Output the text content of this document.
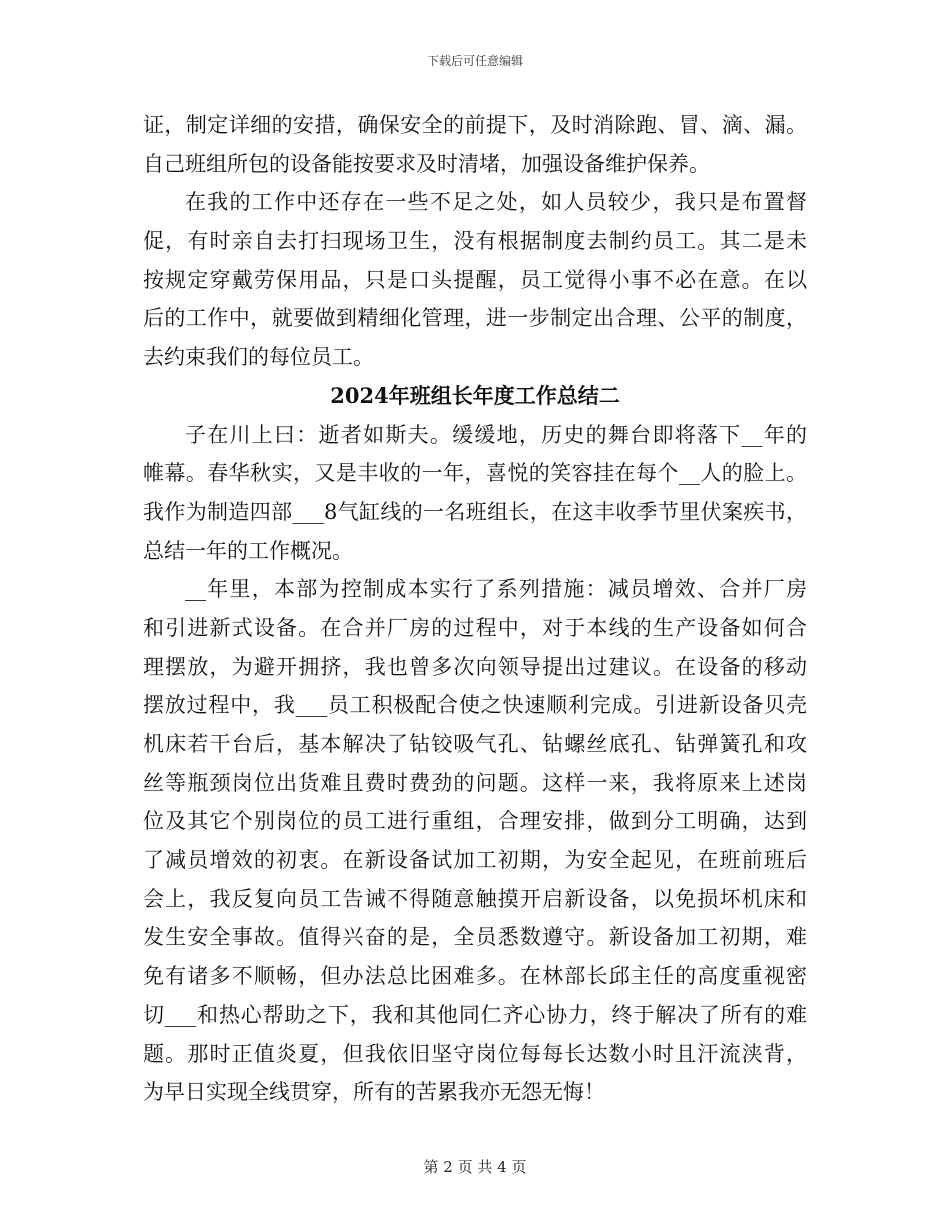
下载后可任意编辑
证，制定详细的安措，确保安全的前提下，及时消除跑、冒、滴、漏。
自己班组所包的设备能按要求及时清堵，加强设备维护保养。
在我的工作中还存在一些不足之处，如人员较少，我只是布置督
促，有时亲自去打扫现场卫生，没有根据制度去制约员工。其二是未
按规定穿戴劳保用品，只是口头提醒，员工觉得小事不必在意。在以
后的工作中，就要做到精细化管理，进一步制定出合理、公平的制度，
去约束我们的每位员工。
2024年班组长年度工作总结二
子在川上曰：逝者如斯夫。缓缓地，历史的舞台即将落下__年的
帷幕。春华秋实，又是丰收的一年，喜悦的笑容挂在每个__人的脸上。
我作为制造四部___8气缸线的一名班组长，在这丰收季节里伏案疾书，
总结一年的工作概况。
__年里，本部为控制成本实行了系列措施：减员增效、合并厂房
和引进新式设备。在合并厂房的过程中，对于本线的生产设备如何合
理摆放，为避开拥挤，我也曾多次向领导提出过建议。在设备的移动
摆放过程中，我___员工积极配合使之快速顺利完成。引进新设备贝壳
机床若干台后，基本解决了钻铰吸气孔、钻螺丝底孔、钻弹簧孔和攻
丝等瓶颈岗位出货难且费时费劲的问题。这样一来，我将原来上述岗
位及其它个别岗位的员工进行重组，合理安排，做到分工明确，达到
了减员增效的初衷。在新设备试加工初期，为安全起见，在班前班后
会上，我反复向员工告诫不得随意触摸开启新设备，以免损坏机床和
发生安全事故。值得兴奋的是，全员悉数遵守。新设备加工初期，难
免有诸多不顺畅，但办法总比困难多。在林部长邱主任的高度重视密
切___和热心帮助之下，我和其他同仁齐心协力，终于解决了所有的难
题。那时正值炎夏，但我依旧坚守岗位每每长达数小时且汗流浃背，
为早日实现全线贯穿，所有的苦累我亦无怨无悔！
第 2 页 共 4 页
